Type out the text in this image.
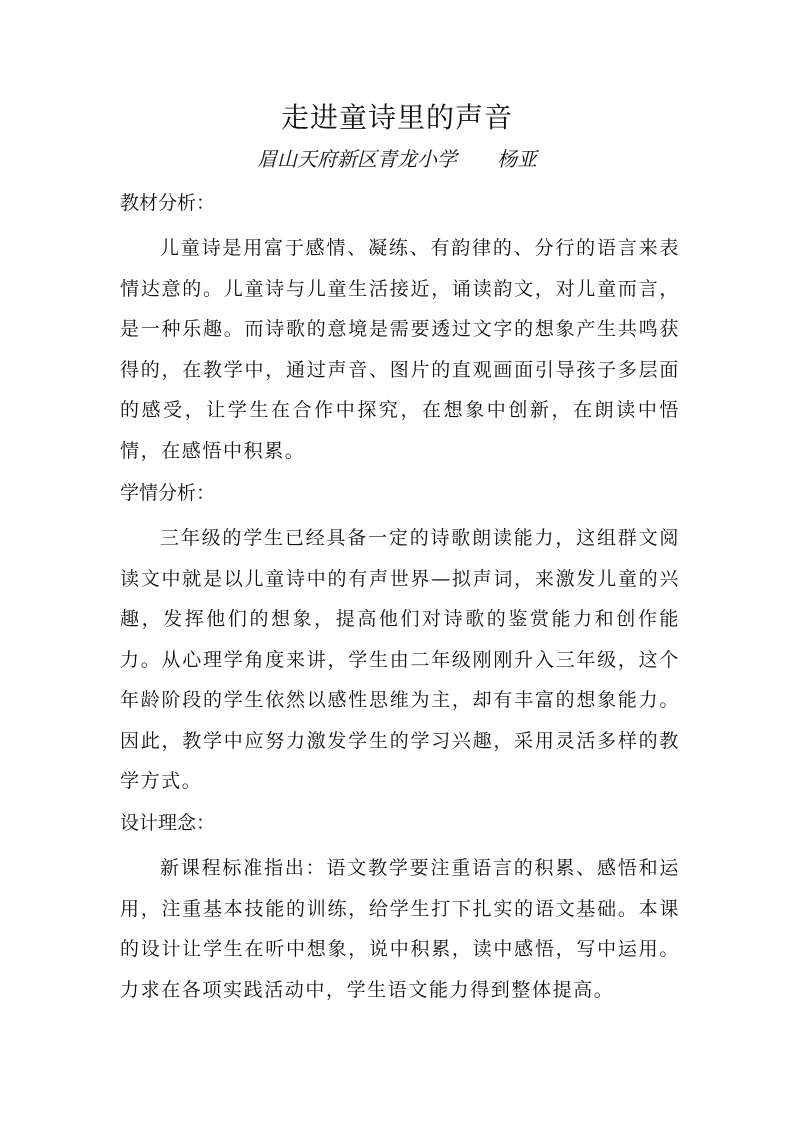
走进童诗里的声音
眉山天府新区青龙小学 杨亚
教材分析：
儿童诗是用富于感情、凝练、有韵律的、分行的语言来表情达意的。儿童诗与儿童生活接近，诵读韵文，对儿童而言，是一种乐趣。而诗歌的意境是需要透过文字的想象产生共鸣获得的，在教学中，通过声音、图片的直观画面引导孩子多层面的感受，让学生在合作中探究，在想象中创新，在朗读中悟情，在感悟中积累。
学情分析：
三年级的学生已经具备一定的诗歌朗读能力，这组群文阅读文中就是以儿童诗中的有声世界—拟声词，来激发儿童的兴趣，发挥他们的想象，提高他们对诗歌的鉴赏能力和创作能力。从心理学角度来讲，学生由二年级刚刚升入三年级，这个年龄阶段的学生依然以感性思维为主，却有丰富的想象能力。因此，教学中应努力激发学生的学习兴趣，采用灵活多样的教学方式。
设计理念：
新课程标准指出：语文教学要注重语言的积累、感悟和运用，注重基本技能的训练，给学生打下扎实的语文基础。本课的设计让学生在听中想象，说中积累，读中感悟，写中运用。力求在各项实践活动中，学生语文能力得到整体提高。
